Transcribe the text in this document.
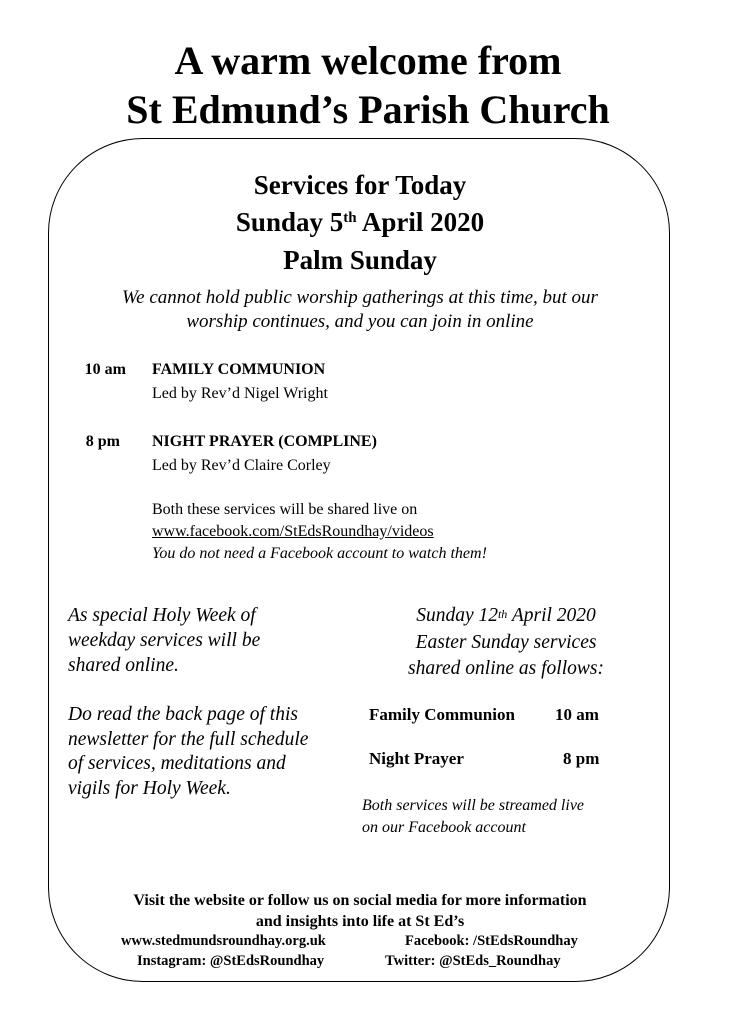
A warm welcome from
St Edmund’s Parish Church
Services for Today
Sunday 5th April 2020
Palm Sunday
We cannot hold public worship gatherings at this time, but our
worship continues, and you can join in online
10 am FAMILY COMMUNION
Led by Rev’d Nigel Wright
8 pm NIGHT PRAYER (COMPLINE)
Led by Rev’d Claire Corley
Both these services will be shared live on
www.facebook.com/StEdsRoundhay/videos
You do not need a Facebook account to watch them!
As special Holy Week of
weekday services will be
shared online.
Do read the back page of this
newsletter for the full schedule
of services, meditations and
vigils for Holy Week.
Sunday 12th April 2020
Easter Sunday services
shared online as follows:
Family Communion 10 am
Night Prayer	8 pm
Both services will be streamed live
on our Facebook account
Visit the website or follow us on social media for more information
and insights into life at St Ed’s
www.stedmundsroundhay.org.uk	Facebook: /StEdsRoundhay
Instagram: @StEdsRoundhay	Twitter: @StEds_Roundhay
